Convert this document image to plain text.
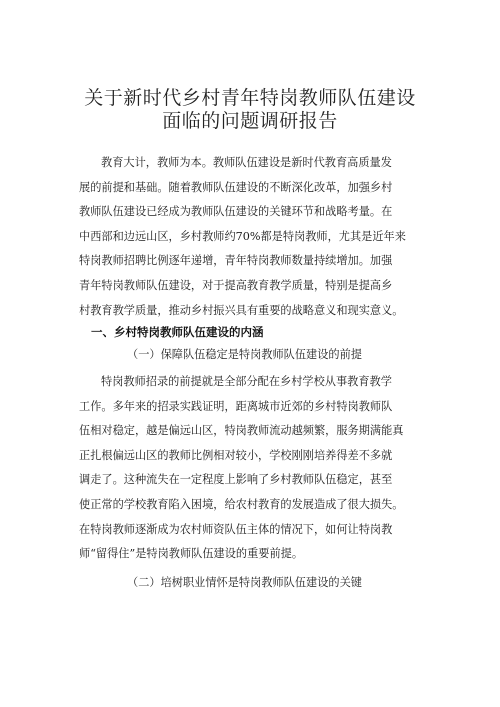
关于新时代乡村青年特岗教师队伍建设
面临的问题调研报告
教育大计，教师为本。教师队伍建设是新时代教育高质量发
展的前提和基础。随着教师队伍建设的不断深化改革，加强乡村
教师队伍建设已经成为教师队伍建设的关键环节和战略考量。在
中西部和边远山区，乡村教师约70%都是特岗教师，尤其是近年来
特岗教师招聘比例逐年递增，青年特岗教师数量持续增加。加强
青年特岗教师队伍建设，对于提高教育教学质量，特别是提高乡
村教育教学质量，推动乡村振兴具有重要的战略意义和现实意义。
一、乡村特岗教师队伍建设的内涵
（一）保障队伍稳定是特岗教师队伍建设的前提
特岗教师招录的前提就是全部分配在乡村学校从事教育教学
工作。多年来的招录实践证明，距离城市近郊的乡村特岗教师队
伍相对稳定，越是偏远山区，特岗教师流动越频繁，服务期满能真
正扎根偏远山区的教师比例相对较小，学校刚刚培养得差不多就
调走了。这种流失在一定程度上影响了乡村教师队伍稳定，甚至
使正常的学校教育陷入困境，给农村教育的发展造成了很大损失。
在特岗教师逐渐成为农村师资队伍主体的情况下，如何让特岗教
师“留得住”是特岗教师队伍建设的重要前提。
（二）培树职业情怀是特岗教师队伍建设的关键
